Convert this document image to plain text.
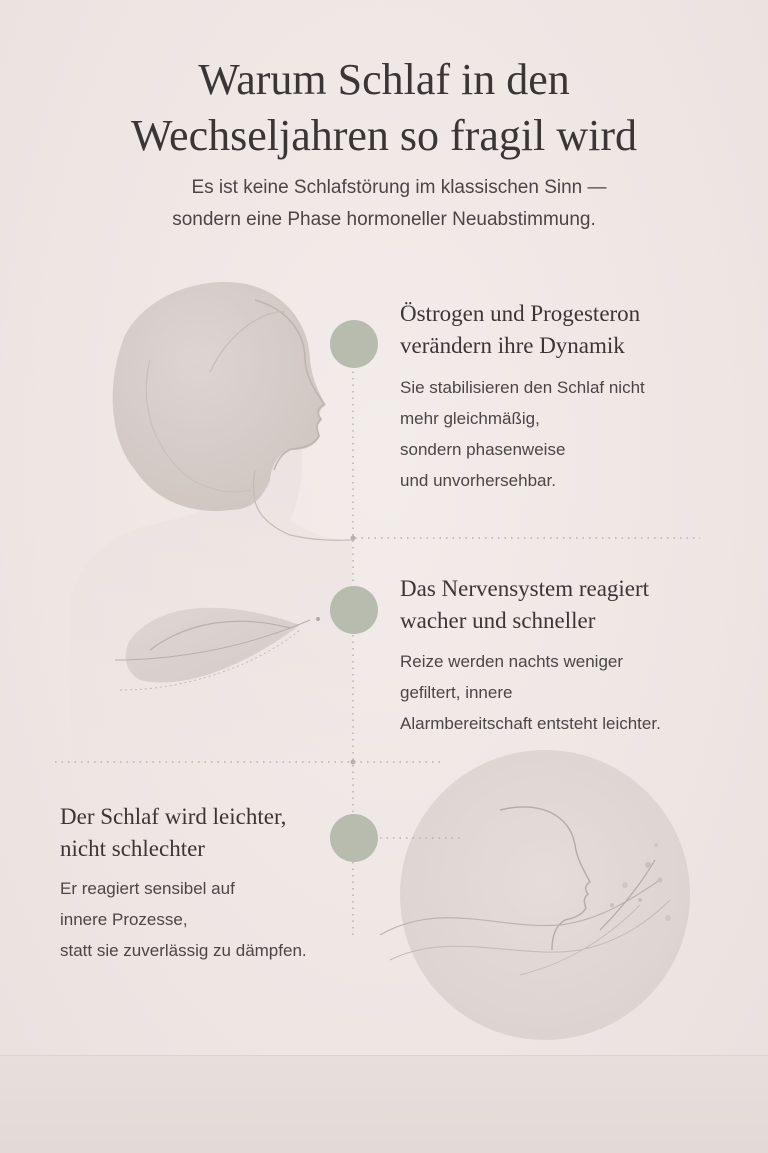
Warum Schlaf in den
Wechseljahren so fragil wird
Es ist keine Schlafstörung im klassischen Sinn —
sondern eine Phase hormoneller Neuabstimmung.
Östrogen und Progesteron
verändern ihre Dynamik
Sie stabilisieren den Schlaf nicht
mehr gleichmäßig,
sondern phasenweise
und unvorhersehbar.
Das Nervensystem reagiert
wacher und schneller
Reize werden nachts weniger
gefiltert, innere
Alarmbereitschaft entsteht leichter.
Der Schlaf wird leichter,
nicht schlechter
Er reagiert sensibel auf
innere Prozesse,
statt sie zuverlässig zu dämpfen.
